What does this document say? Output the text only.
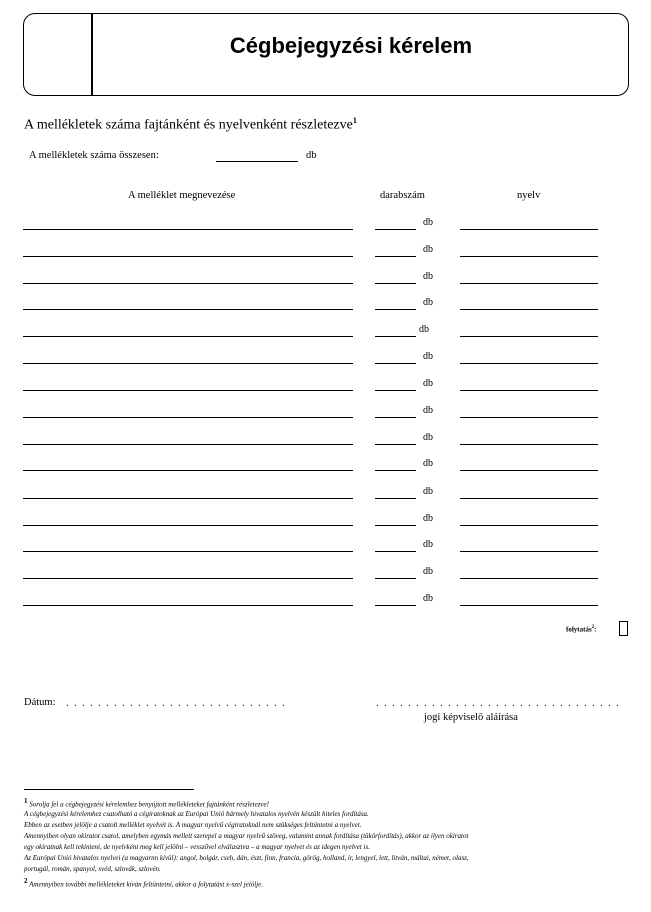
Cégbejegyzési kérelem
A mellékletek száma fajtánként és nyelvenként részletezve$^1$
A mellékletek száma összesen:	db
A melléklet megnevezése	darabszám	nyelv
db
db
db
db
db
db
db
db
db
db
db
db
db
db
db
folytatás$^2$:
Dátum: . . . . . . . . . . . . . . . . . . . . . . . . . . . .	. . . . . . . . . . . . . . . . . . . . . . . . . . . . . . .
jogi képviselő aláírása
$^1$ Sorolja fel a cégbejegyzési kérelemhez benyújtott mellékleteket fajtánként részletezve!
A cégbejegyzési kérelemhez csatolható a cégiratoknak az Európai Unió bármely hivatalos nyelvén készült hiteles fordítása.
Ebben az esetben jelölje a csatolt melléklet nyelvét is. A magyar nyelvű cégiratoknál nem szükséges feltüntetni a nyelvet.
Amennyiben olyan okiratot csatol, amelyben egymás mellett szerepel a magyar nyelvű szöveg, valamint annak fordítása (tükörfordítás), akkor az ilyen okiratot
egy okiratnak kell tekinteni, de nyelvként meg kell jelölni – vesszővel elválasztva – a magyar nyelvet és az idegen nyelvet is.
Az Európai Unió hivatalos nyelvei (a magyarnn kívül): angol, bolgár, cseh, dán, észt, finn, francia, görög, holland, ír, lengyel, lett, litván, máltai, német, olasz,
portugál, román, spanyol, svéd, szlovák, szlovén.
$^2$ Amennyiben további mellékleteket kíván feltüntetni, akkor a folytatást x-szel jelölje.
